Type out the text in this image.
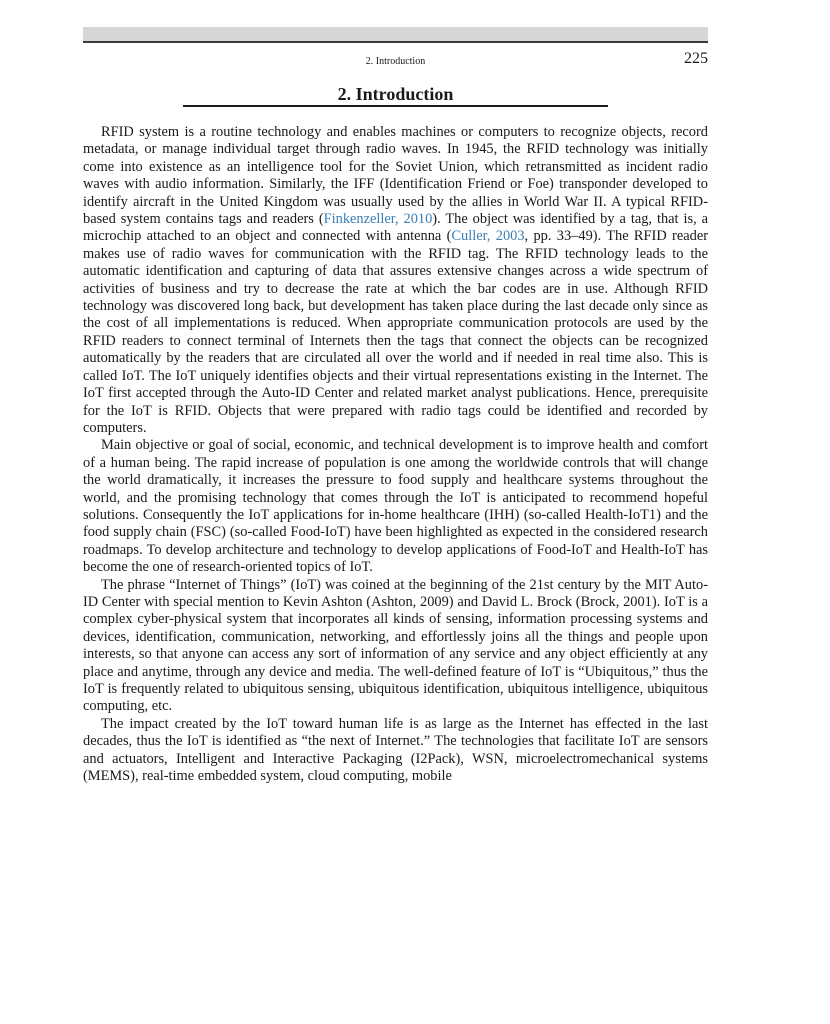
2. Introduction	225
2. Introduction

RFID system is a routine technology and enables machines or computers to recognize objects, record metadata, or manage individual target through radio waves. In 1945, the RFID technology was initially come into existence as an intelligence tool for the Soviet Union, which retransmitted as incident radio waves with audio information. Similarly, the IFF (Identification Friend or Foe) transponder developed to identify aircraft in the United Kingdom was usually used by the allies in World War II. A typical RFID-based system contains tags and readers (Finkenzeller, 2010). The object was identified by a tag, that is, a microchip attached to an object and connected with antenna (Culler, 2003, pp. 33–49). The RFID reader makes use of radio waves for communication with the RFID tag. The RFID technology leads to the automatic identification and capturing of data that assures extensive changes across a wide spectrum of activities of business and try to decrease the rate at which the bar codes are in use. Although RFID technology was discovered long back, but development has taken place during the last decade only since as the cost of all implementations is reduced. When appropriate communication protocols are used by the RFID readers to connect terminal of Internets then the tags that connect the objects can be recognized automatically by the readers that are circulated all over the world and if needed in real time also. This is called IoT. The IoT uniquely identifies objects and their virtual representations existing in the Internet. The IoT first accepted through the Auto-ID Center and related market analyst publications. Hence, prerequisite for the IoT is RFID. Objects that were prepared with radio tags could be identified and recorded by computers.

Main objective or goal of social, economic, and technical development is to improve health and comfort of a human being. The rapid increase of population is one among the worldwide controls that will change the world dramatically, it increases the pressure to food supply and healthcare systems throughout the world, and the promising technology that comes through the IoT is anticipated to recommend hopeful solutions. Consequently the IoT applications for in-home healthcare (IHH) (so-called Health-IoT1) and the food supply chain (FSC) (so-called Food-IoT) have been highlighted as expected in the considered research roadmaps. To develop architecture and technology to develop applications of Food-IoT and Health-IoT has become the one of research-oriented topics of IoT.

The phrase “Internet of Things” (IoT) was coined at the beginning of the 21st century by the MIT Auto-ID Center with special mention to Kevin Ashton (Ashton, 2009) and David L. Brock (Brock, 2001). IoT is a complex cyber-physical system that incorporates all kinds of sensing, information processing systems and devices, identification, communication, networking, and effortlessly joins all the things and people upon interests, so that anyone can access any sort of information of any service and any object efficiently at any place and anytime, through any device and media. The well-defined feature of IoT is “Ubiquitous,” thus the IoT is frequently related to ubiquitous sensing, ubiquitous identification, ubiquitous intelligence, ubiquitous computing, etc.

The impact created by the IoT toward human life is as large as the Internet has effected in the last decades, thus the IoT is identified as “the next of Internet.” The technologies that facilitate IoT are sensors and actuators, Intelligent and Interactive Packaging (I2Pack), WSN, microelectromechanical systems (MEMS), real-time embedded system, cloud computing, mobile
